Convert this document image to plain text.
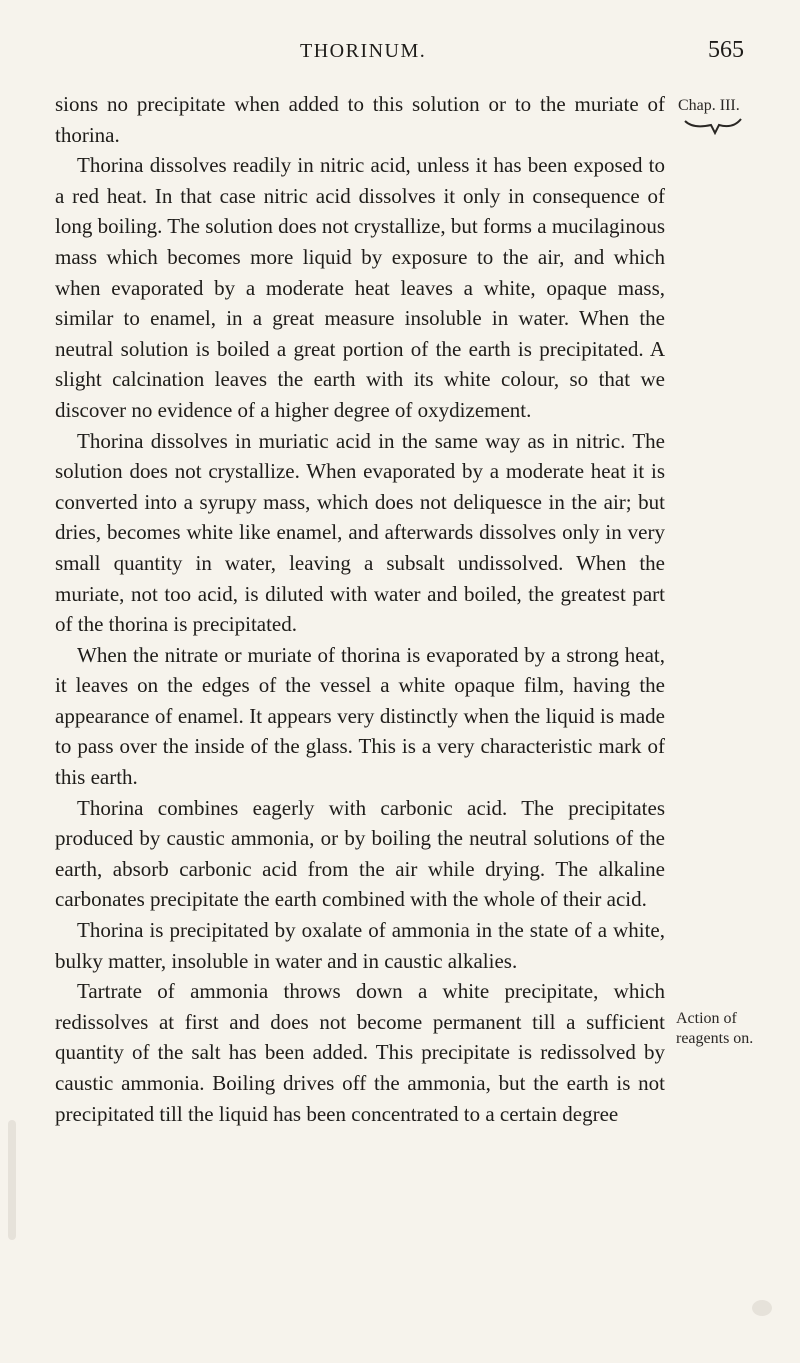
THORINUM.	565
Chap. III.
Action of
reagents on.

sions no precipitate when added to this solution or to the muriate of thorina.

Thorina dissolves readily in nitric acid, unless it has been exposed to a red heat. In that case nitric acid dissolves it only in consequence of long boiling. The solution does not crystallize, but forms a mucilaginous mass which becomes more liquid by exposure to the air, and which when evaporated by a moderate heat leaves a white, opaque mass, similar to enamel, in a great measure insoluble in water. When the neutral solution is boiled a great portion of the earth is precipitated. A slight calcination leaves the earth with its white colour, so that we discover no evidence of a higher degree of oxydizement.

Thorina dissolves in muriatic acid in the same way as in nitric. The solution does not crystallize. When evaporated by a moderate heat it is converted into a syrupy mass, which does not deliquesce in the air; but dries, becomes white like enamel, and afterwards dissolves only in very small quantity in water, leaving a subsalt undissolved. When the muriate, not too acid, is diluted with water and boiled, the greatest part of the thorina is precipitated.

When the nitrate or muriate of thorina is evaporated by a strong heat, it leaves on the edges of the vessel a white opaque film, having the appearance of enamel. It appears very distinctly when the liquid is made to pass over the inside of the glass. This is a very characteristic mark of this earth.

Thorina combines eagerly with carbonic acid. The precipitates produced by caustic ammonia, or by boiling the neutral solutions of the earth, absorb carbonic acid from the air while drying. The alkaline carbonates precipitate the earth combined with the whole of their acid.

Thorina is precipitated by oxalate of ammonia in the state of a white, bulky matter, insoluble in water and in caustic alkalies.

Tartrate of ammonia throws down a white precipitate, which redissolves at first and does not become permanent till a sufficient quantity of the salt has been added. This precipitate is redissolved by caustic ammonia. Boiling drives off the ammonia, but the earth is not precipitated till the liquid has been concentrated to a certain degree
